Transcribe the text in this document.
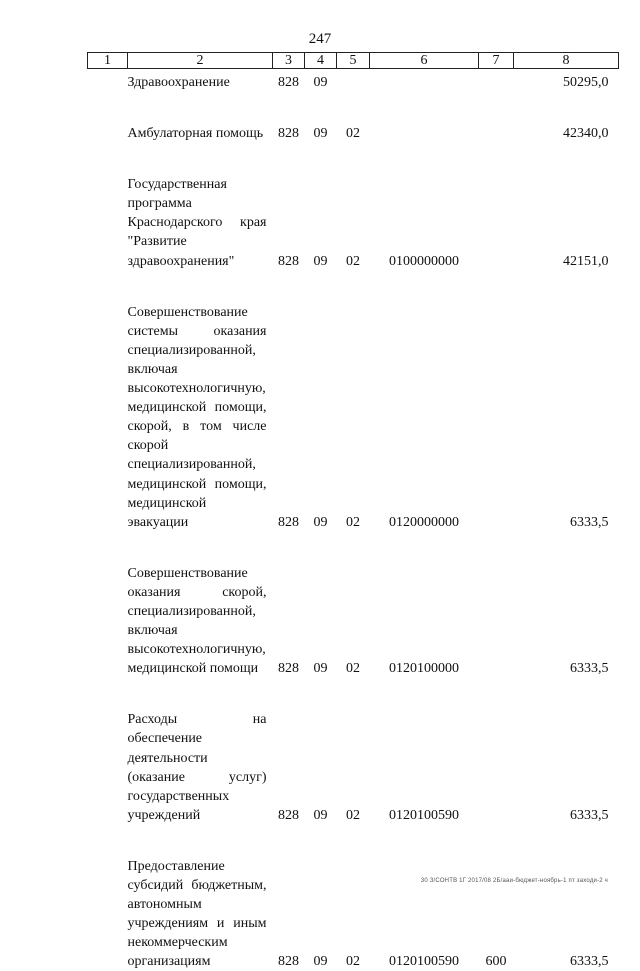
247
1	2	3	4	5	6	7	8

	Здравоохранение	828	09				50295,0

	Амбулаторная помощь	828	09	02			42340,0

	Государственная программа Краснодарского края "Развитие здравоохранения"	828	09	02	0100000000		42151,0

	Совершенствование системы оказания специализированной, включая высокотехнологичную, медицинской помощи, скорой, в том числе скорой специализированной, медицинской помощи, медицинской эвакуации	828	09	02	0120000000		6333,5

	Совершенствование оказания скорой, специализированной, включая высокотехнологичную, медицинской помощи	828	09	02	0120100000		6333,5

	Расходы на обеспечение деятельности (оказание услуг) государственных учреждений	828	09	02	0120100590		6333,5

	Предоставление субсидий бюджетным, автономным учреждениям и иным некоммерческим организациям	828	09	02	0120100590	600	6333,5
30 З/СОНТВ 1Г 2017/08 2Б/ааи-бюджет-ноябрь-1 пт заходи-2 ч
